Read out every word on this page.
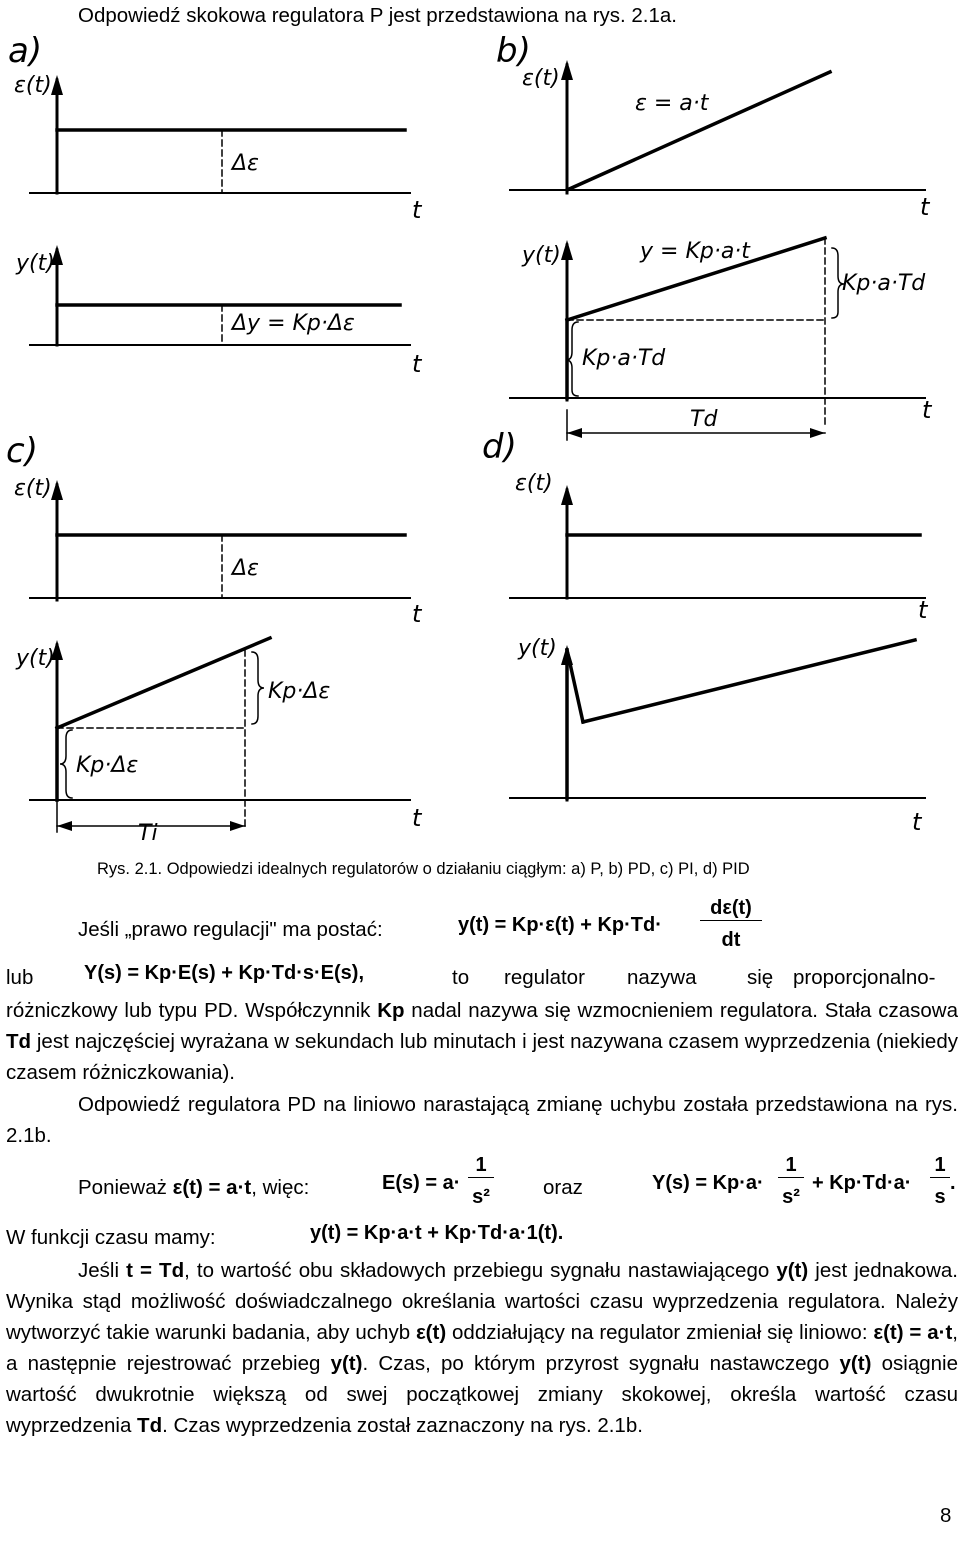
Odpowiedź skokowa regulatora P jest przedstawiona na rys. 2.1a.
a)
ε(t)
Δε
t
y(t)
Δy = Kp·Δε
t
b)
ε(t)
ε = a·t
t
y(t)	y = Kp·a·t
Kp·a·Td
Kp·a·Td
Td	t
c)
ε(t)
Δε
t
y(t)
Kp·Δε
Kp·Δε
Ti
t
d)
ε(t)
t
y(t)
t
Rys. 2.1. Odpowiedzi idealnych regulatorów o działaniu ciągłym: a) P, b) PD, c) PI, d) PID
Jeśli „prawo regulacji" ma postać:	y(t) = Kp·ε(t) + Kp·Td·
dε(t)
dt
lub	Y(s) = Kp·E(s) + Kp·Td·s·E(s),	to regulator nazywa się proporcjonalno-
różniczkowy lub typu PD. Współczynnik Kp nadal nazywa się wzmocnieniem regulatora. Stała czasowa Td jest najczęściej wyrażana w sekundach lub minutach i jest nazywana czasem wyprzedzenia (niekiedy czasem różniczkowania).
Odpowiedź regulatora PD na liniowo narastającą zmianę uchybu została przedstawiona na rys. 2.1b.
Ponieważ ε(t) = a·t, więc:	E(s) = a·
1
s²	oraz	Y(s) = Kp·a·
1
s²
+ Kp·Td·a·
1
s
.
W funkcji czasu mamy:	y(t) = Kp·a·t + Kp·Td·a·1(t).
Jeśli t = Td, to wartość obu składowych przebiegu sygnału nastawiającego y(t) jest jednakowa. Wynika stąd możliwość doświadczalnego określania wartości czasu wyprzedzenia regulatora. Należy wytworzyć takie warunki badania, aby uchyb ε(t) oddziałujący na regulator zmieniał się liniowo: ε(t) = a·t, a następnie rejestrować przebieg y(t). Czas, po którym przyrost sygnału nastawczego y(t) osiągnie wartość dwukrotnie większą od swej początkowej zmiany skokowej, określa wartość czasu wyprzedzenia Td. Czas wyprzedzenia został zaznaczony na rys. 2.1b.
8
